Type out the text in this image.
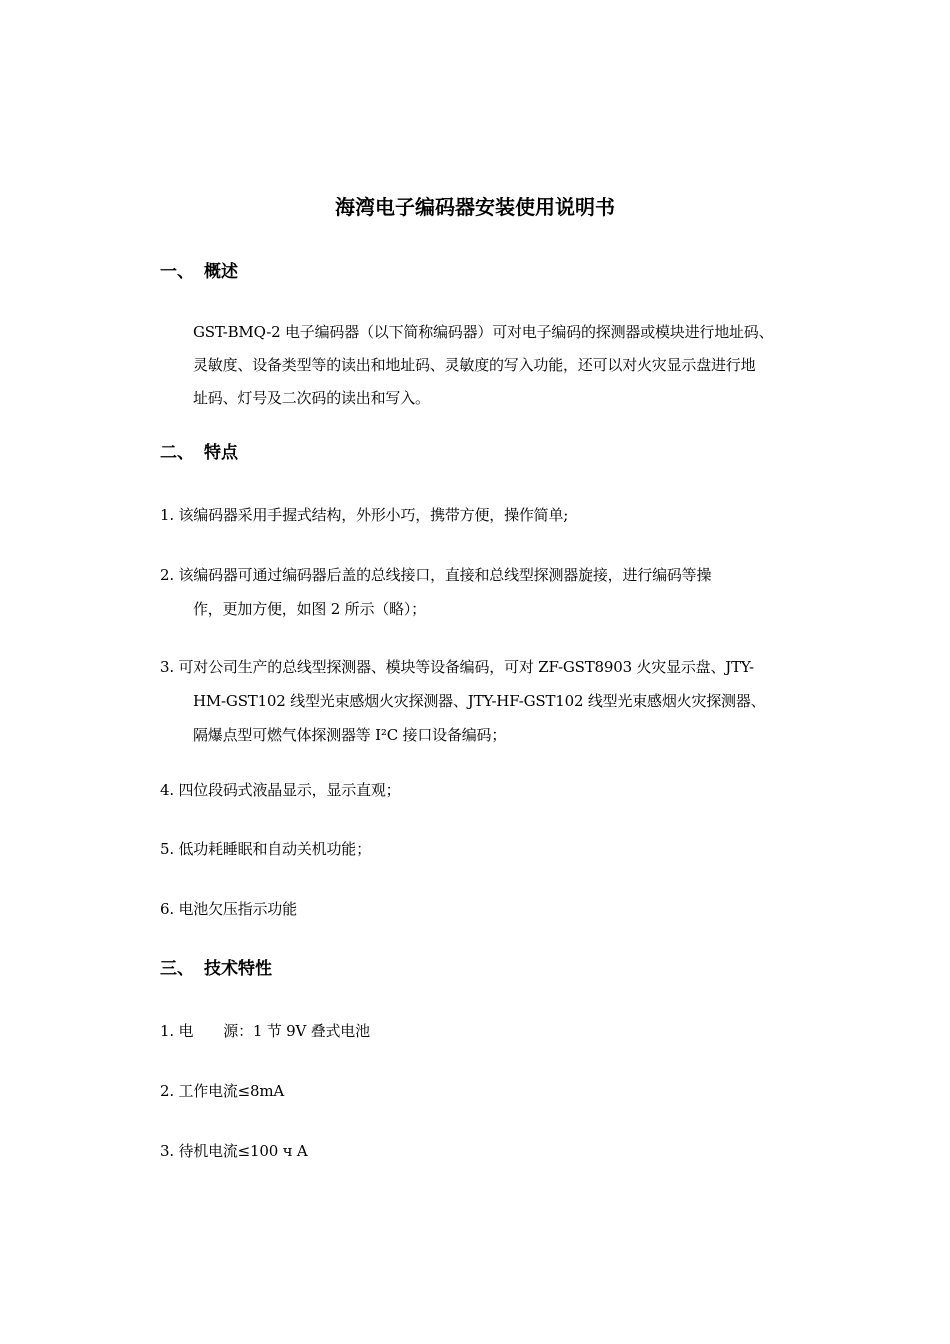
海湾电子编码器安装使用说明书
一、 概述
GST-BMQ-2 电子编码器（以下简称编码器）可对电子编码的探测器或模块进行地址码、
灵敏度、设备类型等的读出和地址码、灵敏度的写入功能，还可以对火灾显示盘进行地
址码、灯号及二次码的读出和写入。
二、 特点
1. 该编码器采用手握式结构，外形小巧，携带方便，操作简单;
2. 该编码器可通过编码器后盖的总线接口，直接和总线型探测器旋接，进行编码等操
作，更加方便，如图 2 所示（略）；
3. 可对公司生产的总线型探测器、模块等设备编码，可对 ZF-GST8903 火灾显示盘、JTY-
HM-GST102 线型光束感烟火灾探测器、JTY-HF-GST102 线型光束感烟火灾探测器、
隔爆点型可燃气体探测器等 I²C 接口设备编码；
4. 四位段码式液晶显示，显示直观；
5. 低功耗睡眠和自动关机功能；
6. 电池欠压指示功能
三、 技术特性
1. 电 源：1 节 9V 叠式电池
2. 工作电流≤8mA
3. 待机电流≤100 ч A
